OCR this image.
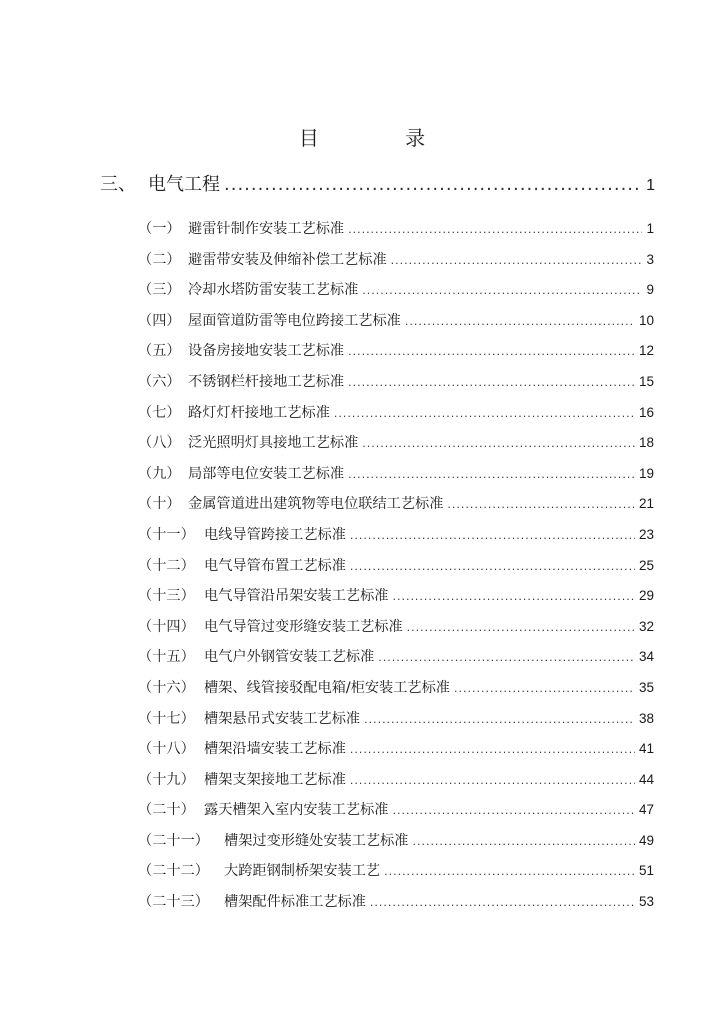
目 录
三、 电气工程 .....	1
（一） 避雷针制作安装工艺标准 .....	1
（二） 避雷带安装及伸缩补偿工艺标准 .....	3
（三） 冷却水塔防雷安装工艺标准 .....	9
（四） 屋面管道防雷等电位跨接工艺标准 .....	10
（五） 设备房接地安装工艺标准 .....	12
（六） 不锈钢栏杆接地工艺标准 .....	15
（七） 路灯灯杆接地工艺标准 .....	16
（八） 泛光照明灯具接地工艺标准 .....	18
（九） 局部等电位安装工艺标准 .....	19
（十） 金属管道进出建筑物等电位联结工艺标准 .....	21
（十一） 电线导管跨接工艺标准 .....	23
（十二） 电气导管布置工艺标准 .....	25
（十三） 电气导管沿吊架安装工艺标准 .....	29
（十四） 电气导管过变形缝安装工艺标准 .....	32
（十五） 电气户外钢管安装工艺标准 .....	34
（十六） 槽架、线管接驳配电箱/柜安装工艺标准 .....	35
（十七） 槽架悬吊式安装工艺标准 .....	38
（十八） 槽架沿墙安装工艺标准 .....	41
（十九） 槽架支架接地工艺标准 .....	44
（二十） 露天槽架入室内安装工艺标准 .....	47
（二十一）	槽架过变形缝处安装工艺标准 .....	49
（二十二）	大跨距钢制桥架安装工艺 .....	51
（二十三）	槽架配件标准工艺标准 .....	53
